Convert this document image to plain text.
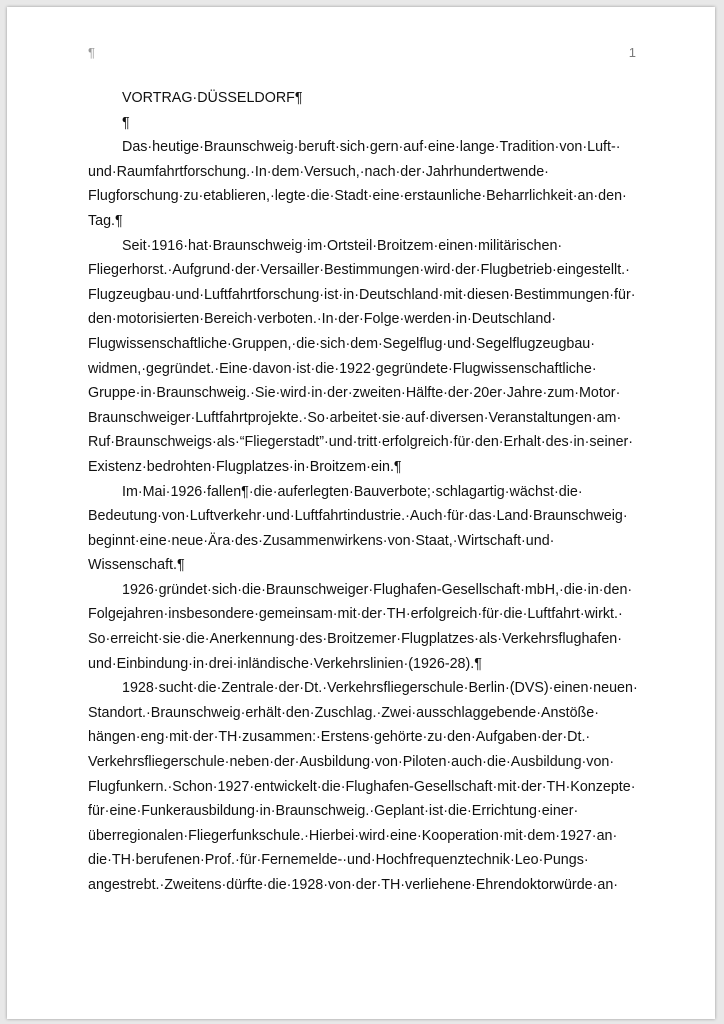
¶	1
VORTRAG·DÜSSELDORF¶
¶
Das·heutige·Braunschweig·beruft·sich·gern·auf·eine·lange·Tradition·von·Luft-·
und·Raumfahrtforschung.·In·dem·Versuch,·nach·der·Jahrhundertwende·
Flugforschung·zu·etablieren,·legte·die·Stadt·eine·erstaunliche·Beharrlichkeit·an·den·
Tag.¶
Seit·1916·hat·Braunschweig·im·Ortsteil·Broitzem·einen·militärischen·
Fliegerhorst.·Aufgrund·der·Versailler·Bestimmungen·wird·der·Flugbetrieb·eingestellt.·
Flugzeugbau·und·Luftfahrtforschung·ist·in·Deutschland·mit·diesen·Bestimmungen·für·
den·motorisierten·Bereich·verboten.·In·der·Folge·werden·in·Deutschland·
Flugwissenschaftliche·Gruppen,·die·sich·dem·Segelflug·und·Segelflugzeugbau·
widmen,·gegründet.·Eine·davon·ist·die·1922·gegründete·Flugwissenschaftliche·
Gruppe·in·Braunschweig.·Sie·wird·in·der·zweiten·Hälfte·der·20er·Jahre·zum·Motor·
Braunschweiger·Luftfahrtprojekte.·So·arbeitet·sie·auf·diversen·Veranstaltungen·am·
Ruf·Braunschweigs·als·“Fliegerstadt”·und·tritt·erfolgreich·für·den·Erhalt·des·in·seiner·
Existenz·bedrohten·Flugplatzes·in·Broitzem·ein.¶
Im·Mai·1926·fallen¶·die·auferlegten·Bauverbote;·schlagartig·wächst·die·
Bedeutung·von·Luftverkehr·und·Luftfahrtindustrie.·Auch·für·das·Land·Braunschweig·
beginnt·eine·neue·Ära·des·Zusammenwirkens·von·Staat,·Wirtschaft·und·
Wissenschaft.¶
1926·gründet·sich·die·Braunschweiger·Flughafen-Gesellschaft·mbH,·die·in·den·
Folgejahren·insbesondere·gemeinsam·mit·der·TH·erfolgreich·für·die·Luftfahrt·wirkt.·
So·erreicht·sie·die·Anerkennung·des·Broitzemer·Flugplatzes·als·Verkehrsflughafen·
und·Einbindung·in·drei·inländische·Verkehrslinien·(1926-28).¶
1928·sucht·die·Zentrale·der·Dt.·Verkehrsfliegerschule·Berlin·(DVS)·einen·neuen·
Standort.·Braunschweig·erhält·den·Zuschlag.·Zwei·ausschlaggebende·Anstöße·
hängen·eng·mit·der·TH·zusammen:·Erstens·gehörte·zu·den·Aufgaben·der·Dt.·
Verkehrsfliegerschule·neben·der·Ausbildung·von·Piloten·auch·die·Ausbildung·von·
Flugfunkern.·Schon·1927·entwickelt·die·Flughafen-Gesellschaft·mit·der·TH·Konzepte·
für·eine·Funkerausbildung·in·Braunschweig.·Geplant·ist·die·Errichtung·einer·
überregionalen·Fliegerfunkschule.·Hierbei·wird·eine·Kooperation·mit·dem·1927·an·
die·TH·berufenen·Prof.·für·Fernemelde-·und·Hochfrequenztechnik·Leo·Pungs·
angestrebt.·Zweitens·dürfte·die·1928·von·der·TH·verliehene·Ehrendoktorwürde·an·
